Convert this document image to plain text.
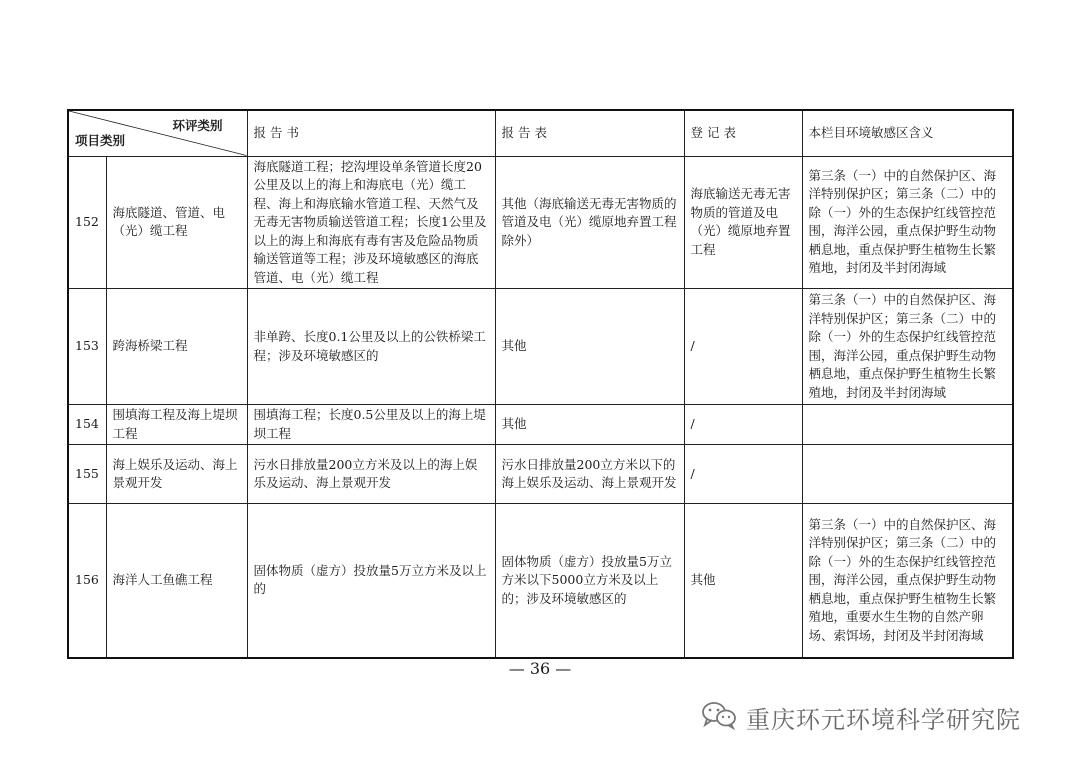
环评类别
项目类别		报 告 书	报 告 表	登 记 表	本栏目环境敏感区含义
152	海底隧道、管道、电（光）缆工程	海底隧道工程；挖沟埋设单条管道长度20公里及以上的海上和海底电（光）缆工程、海上和海底输水管道工程、天然气及无毒无害物质输送管道工程；长度1公里及以上的海上和海底有毒有害及危险品物质输送管道等工程；涉及环境敏感区的海底管道、电（光）缆工程	其他（海底输送无毒无害物质的管道及电（光）缆原地弃置工程除外）	海底输送无毒无害物质的管道及电（光）缆原地弃置工程	第三条（一）中的自然保护区、海洋特别保护区；第三条（二）中的除（一）外的生态保护红线管控范围，海洋公园，重点保护野生动物栖息地，重点保护野生植物生长繁殖地，封闭及半封闭海域
153	跨海桥梁工程	非单跨、长度0.1公里及以上的公铁桥梁工程；涉及环境敏感区的	其他	/	第三条（一）中的自然保护区、海洋特别保护区；第三条（二）中的除（一）外的生态保护红线管控范围，海洋公园，重点保护野生动物栖息地，重点保护野生植物生长繁殖地，封闭及半封闭海域
154	围填海工程及海上堤坝工程	围填海工程；长度0.5公里及以上的海上堤坝工程	其他	/	
155	海上娱乐及运动、海上景观开发	污水日排放量200立方米及以上的海上娱乐及运动、海上景观开发	污水日排放量200立方米以下的海上娱乐及运动、海上景观开发	/	
156	海洋人工鱼礁工程	固体物质（虚方）投放量5万立方米及以上的	固体物质（虚方）投放量5万立方米以下5000立方米及以上的；涉及环境敏感区的	其他	第三条（一）中的自然保护区、海洋特别保护区；第三条（二）中的除（一）外的生态保护红线管控范围，海洋公园，重点保护野生动物栖息地，重点保护野生植物生长繁殖地，重要水生生物的自然产卵场、索饵场，封闭及半封闭海域
— 36 —
重庆环元环境科学研究院
